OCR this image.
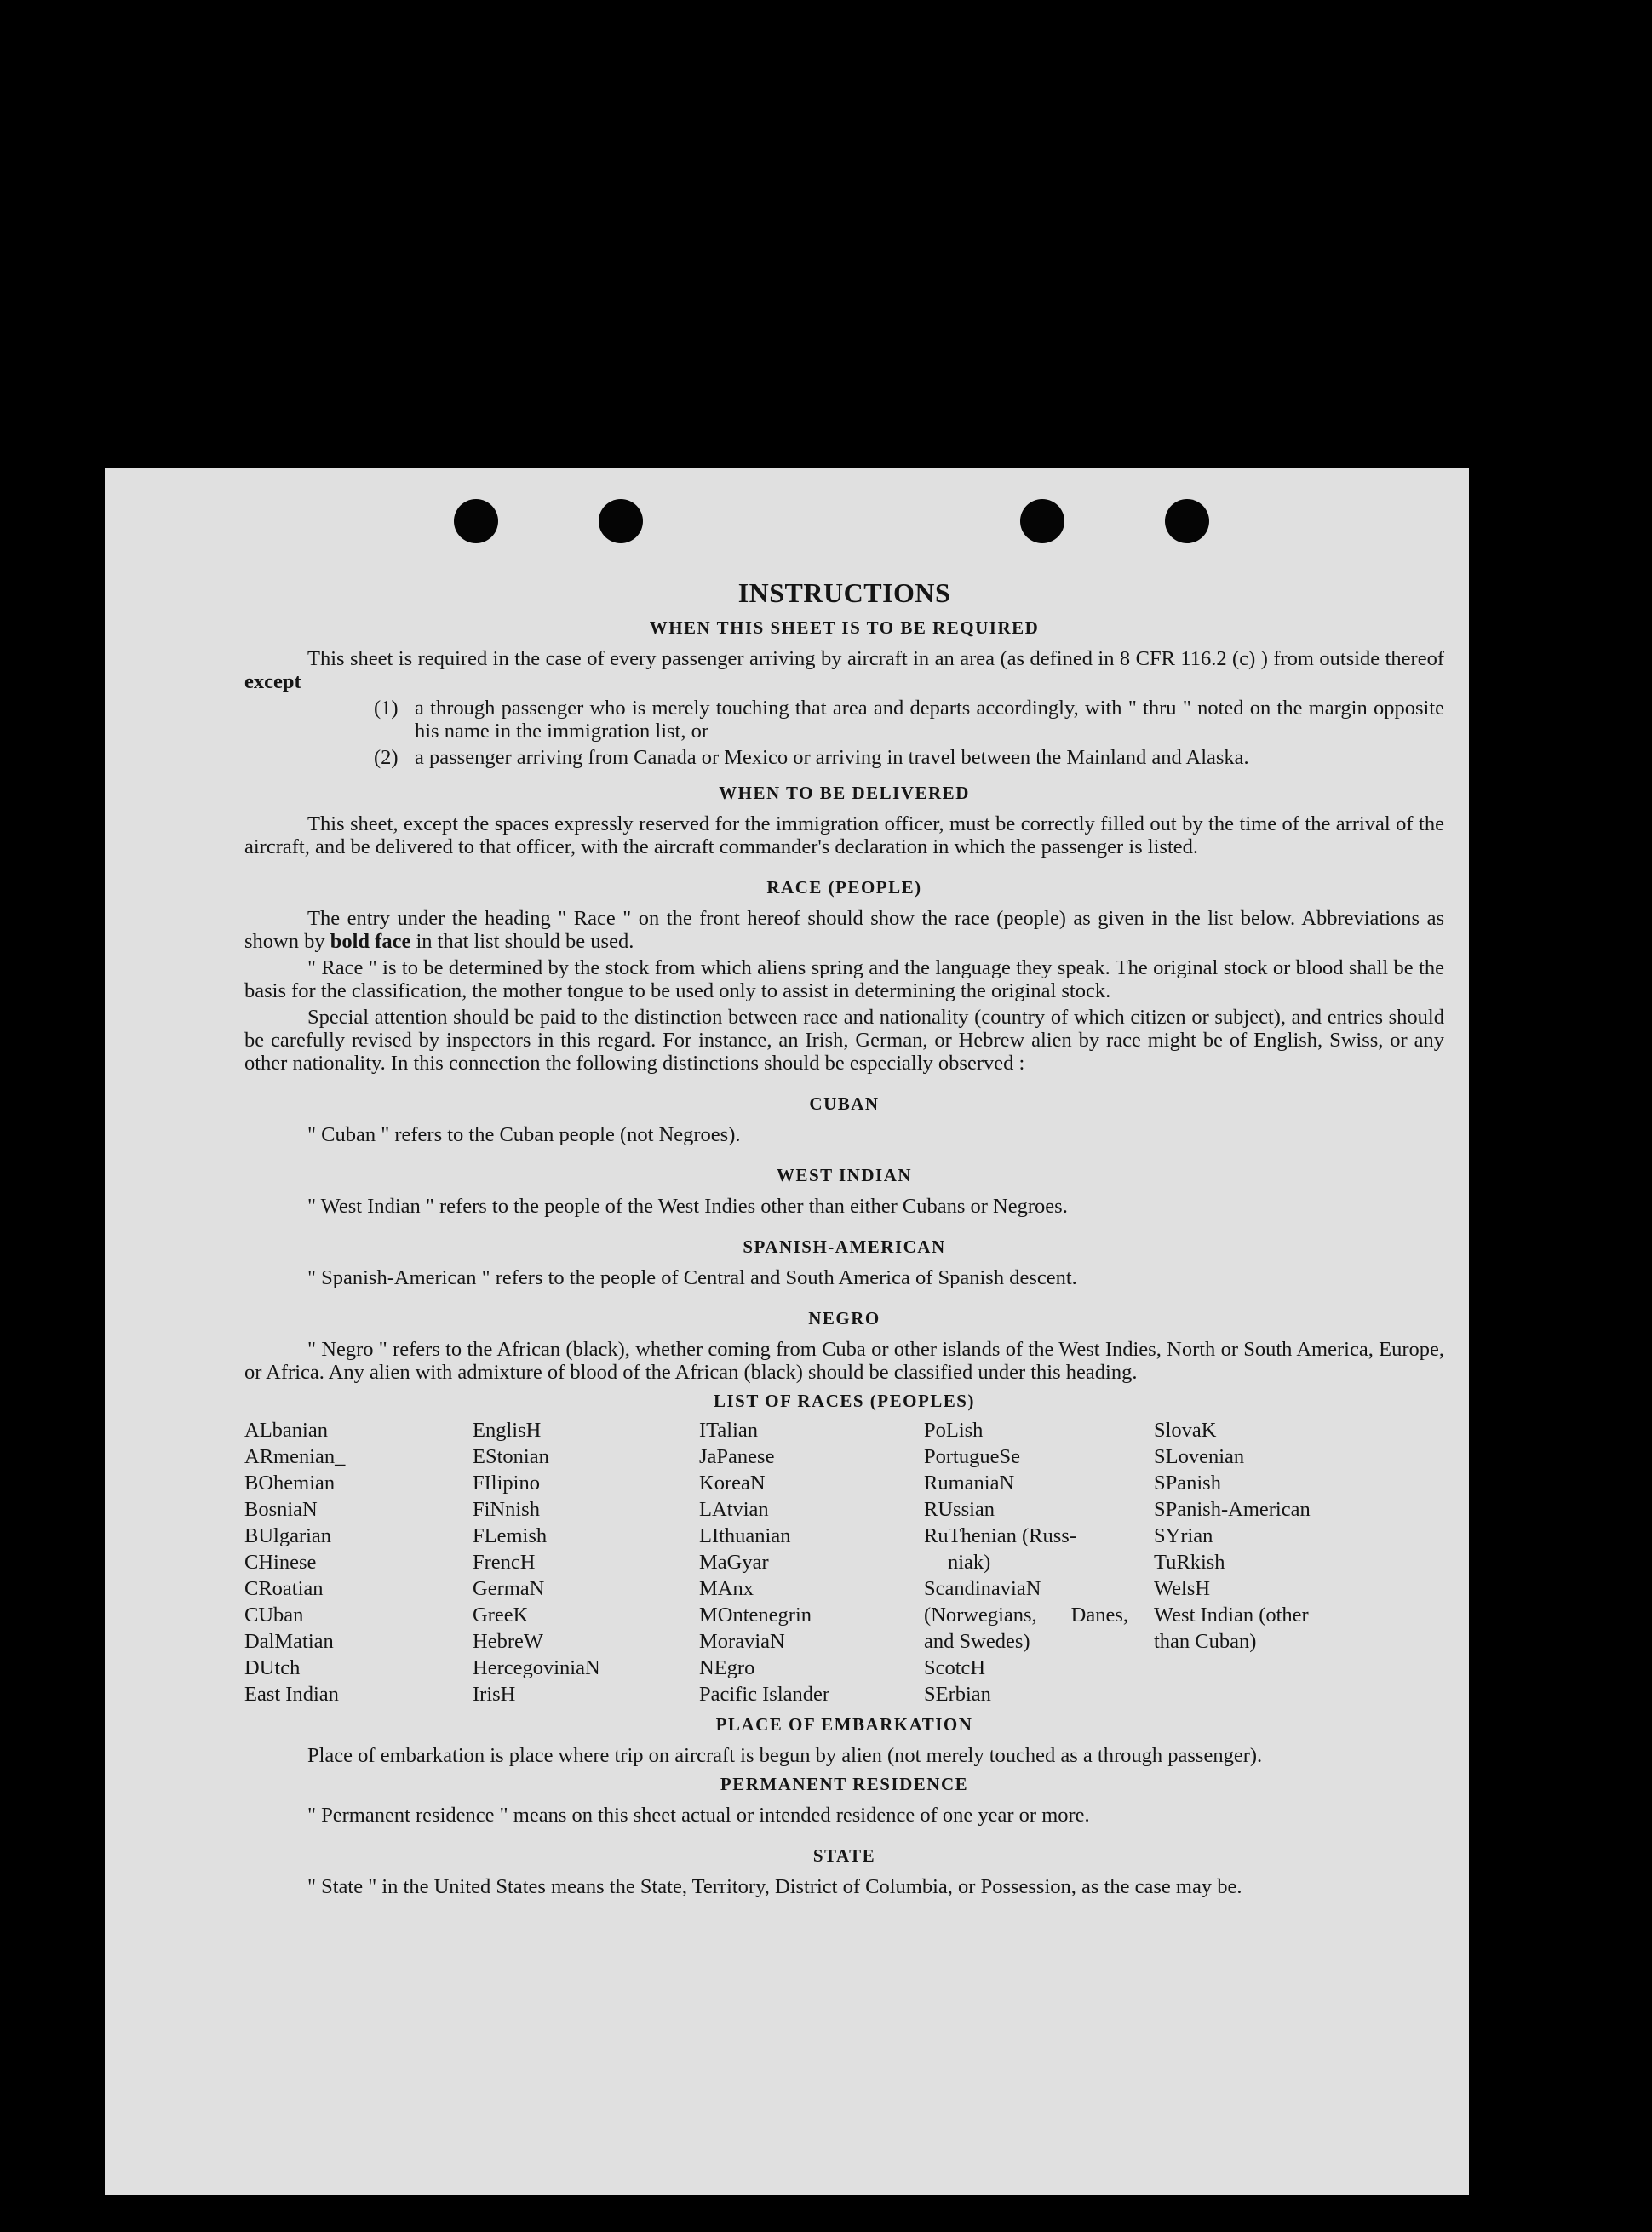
INSTRUCTIONS
WHEN THIS SHEET IS TO BE REQUIRED

This sheet is required in the case of every passenger arriving by aircraft in an area (as defined in 8 CFR 116.2 (c) ) from outside thereof except

(1) a through passenger who is merely touching that area and departs accordingly, with " thru " noted on the margin opposite his name in the immigration list, or
(2) a passenger arriving from Canada or Mexico or arriving in travel between the Mainland and Alaska.
WHEN TO BE DELIVERED

This sheet, except the spaces expressly reserved for the immigration officer, must be correctly filled out by the time of the arrival of the aircraft, and be delivered to that officer, with the aircraft commander's declaration in which the passenger is listed.

RACE (PEOPLE)

The entry under the heading " Race " on the front hereof should show the race (people) as given in the list below. Abbreviations as shown by bold face in that list should be used.

" Race " is to be determined by the stock from which aliens spring and the language they speak. The original stock or blood shall be the basis for the classification, the mother tongue to be used only to assist in determining the original stock.

Special attention should be paid to the distinction between race and nationality (country of which citizen or subject), and entries should be carefully revised by inspectors in this regard. For instance, an Irish, German, or Hebrew alien by race might be of English, Swiss, or any other nationality. In this connection the following distinctions should be especially observed :

CUBAN

" Cuban " refers to the Cuban people (not Negroes).

WEST INDIAN

" West Indian " refers to the people of the West Indies other than either Cubans or Negroes.

SPANISH-AMERICAN

" Spanish-American " refers to the people of Central and South America of Spanish descent.

NEGRO

" Negro " refers to the African (black), whether coming from Cuba or other islands of the West Indies, North or South America, Europe, or Africa. Any alien with admixture of blood of the African (black) should be classified under this heading.

LIST OF RACES (PEOPLES)
ALbanian
ARmenian_
BOhemian
BosniaN
BUlgarian
CHinese
CRoatian
CUban
DalMatian
DUtch
East Indian
EnglisH
EStonian
FIlipino
FiNnish
FLemish
FrencH
GermaN
GreeK
HebreW
HercegoviniaN
IrisH
ITalian
JaPanese
KoreaN
LAtvian
LIthuanian
MaGyar
MAnx
MOntenegrin
MoraviaN
NEgro
Pacific Islander
PoLish
PortugueSe
RumaniaN
RUssian
RuThenian (Russ-
niak)
ScandinaviaN (Norwegians, Danes, and Swedes)
ScotcH
SErbian
SlovaK
SLovenian
SPanish
SPanish-American
SYrian
TuRkish
WelsH
West Indian (other than Cuban)
PLACE OF EMBARKATION

Place of embarkation is place where trip on aircraft is begun by alien (not merely touched as a through passenger).

PERMANENT RESIDENCE

" Permanent residence " means on this sheet actual or intended residence of one year or more.

STATE

" State " in the United States means the State, Territory, District of Columbia, or Possession, as the case may be.
